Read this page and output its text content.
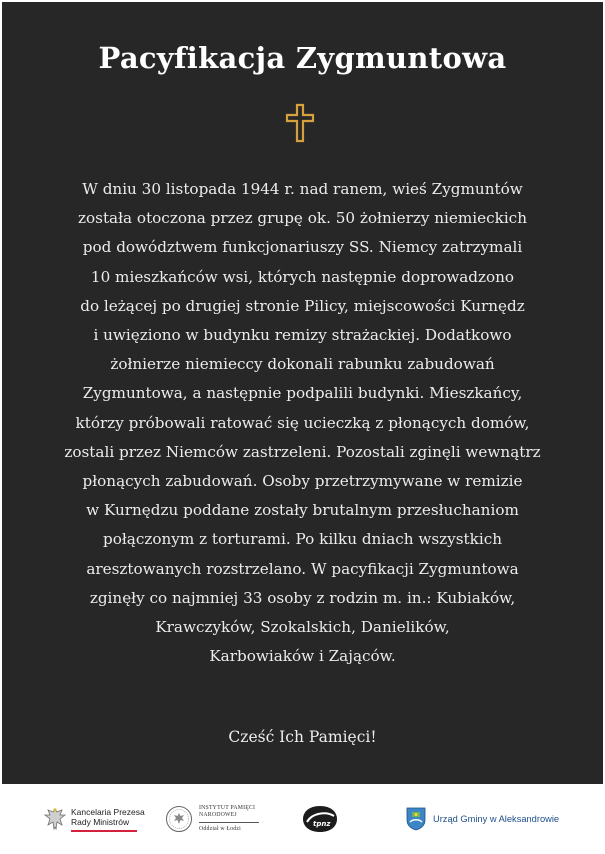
Pacyfikacja Zygmuntowa
W dniu 30 listopada 1944 r. nad ranem, wieś Zygmuntów
została otoczona przez grupę ok. 50 żołnierzy niemieckich
pod dowództwem funkcjonariuszy SS. Niemcy zatrzymali
10 mieszkańców wsi, których następnie doprowadzono
do leżącej po drugiej stronie Pilicy, miejscowości Kurnędz
i uwięziono w budynku remizy strażackiej. Dodatkowo
żołnierze niemieccy dokonali rabunku zabudowań
Zygmuntowa, a następnie podpalili budynki. Mieszkańcy,
którzy próbowali ratować się ucieczką z płonących domów,
zostali przez Niemców zastrzeleni. Pozostali zginęli wewnątrz
płonących zabudowań. Osoby przetrzymywane w remizie
w Kurnędzu poddane zostały brutalnym przesłuchaniom
połączonym z torturami. Po kilku dniach wszystkich
aresztowanych rozstrzelano. W pacyfikacji Zygmuntowa
zginęły co najmniej 33 osoby z rodzin m. in.: Kubiaków,
Krawczyków, Szokalskich, Danielików,
Karbowiaków i Zająców.
Cześć Ich Pamięci!
Kancelaria Prezesa
Rady Ministrów
INSTYTUT PAMIĘCI
NARODOWEJ
Oddział w Łodzi
tpnz	Urząd Gminy w Aleksandrowie
